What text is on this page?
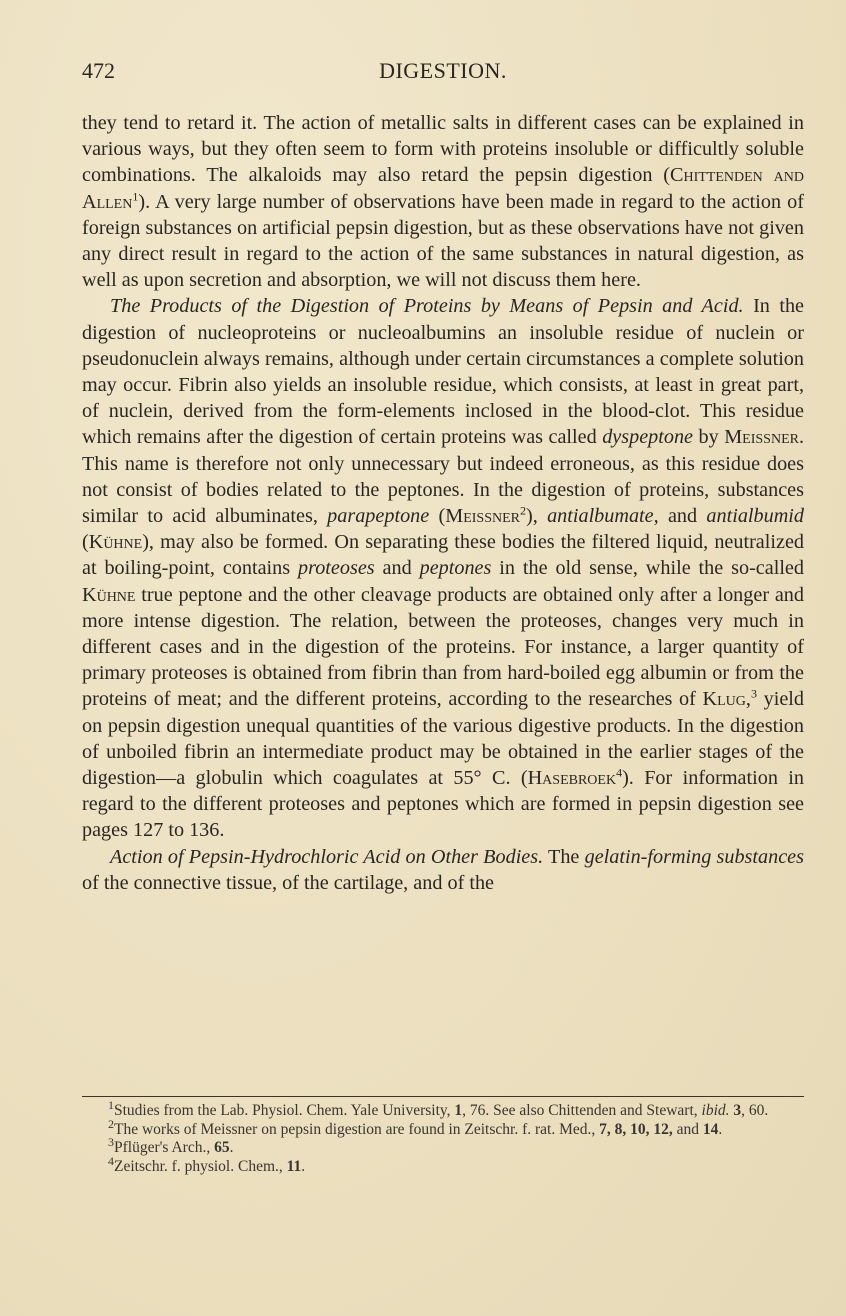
472	DIGESTION.

they tend to retard it. The action of metallic salts in different cases can be explained in various ways, but they often seem to form with proteins insoluble or difficultly soluble combinations. The alkaloids may also retard the pepsin digestion (Chittenden and Allen$^1$). A very large number of observations have been made in regard to the action of foreign substances on artificial pepsin digestion, but as these observations have not given any direct result in regard to the action of the same substances in natural digestion, as well as upon secretion and absorption, we will not discuss them here.

The Products of the Digestion of Proteins by Means of Pepsin and Acid. In the digestion of nucleoproteins or nucleoalbumins an insoluble residue of nuclein or pseudonuclein always remains, although under certain circumstances a complete solution may occur. Fibrin also yields an insoluble residue, which consists, at least in great part, of nuclein, derived from the form-elements inclosed in the blood-clot. This residue which remains after the digestion of certain proteins was called dyspeptone by Meissner. This name is therefore not only unnecessary but indeed erroneous, as this residue does not consist of bodies related to the peptones. In the digestion of proteins, substances similar to acid albuminates, parapeptone (Meissner$^2$), antialbumate, and antialbumid (Kühne), may also be formed. On separating these bodies the filtered liquid, neutralized at boiling-point, contains proteoses and peptones in the old sense, while the so-called Kühne true peptone and the other cleavage products are obtained only after a longer and more intense digestion. The relation, between the proteoses, changes very much in different cases and in the digestion of the proteins. For instance, a larger quantity of primary proteoses is obtained from fibrin than from hard-boiled egg albumin or from the proteins of meat; and the different proteins, according to the researches of Klug,$^3$ yield on pepsin digestion unequal quantities of the various digestive products. In the digestion of unboiled fibrin an intermediate product may be obtained in the earlier stages of the digestion—a globulin which coagulates at 55° C. (Hasebroek$^4$). For information in regard to the different proteoses and peptones which are formed in pepsin digestion see pages 127 to 136.

Action of Pepsin-Hydrochloric Acid on Other Bodies. The gelatin-forming substances of the connective tissue, of the cartilage, and of the

$^1$Studies from the Lab. Physiol. Chem. Yale University, 1, 76. See also Chittenden and Stewart, ibid. 3, 60.

$^2$The works of Meissner on pepsin digestion are found in Zeitschr. f. rat. Med., 7, 8, 10, 12, and 14.

$^3$Pflüger's Arch., 65.

$^4$Zeitschr. f. physiol. Chem., 11.
